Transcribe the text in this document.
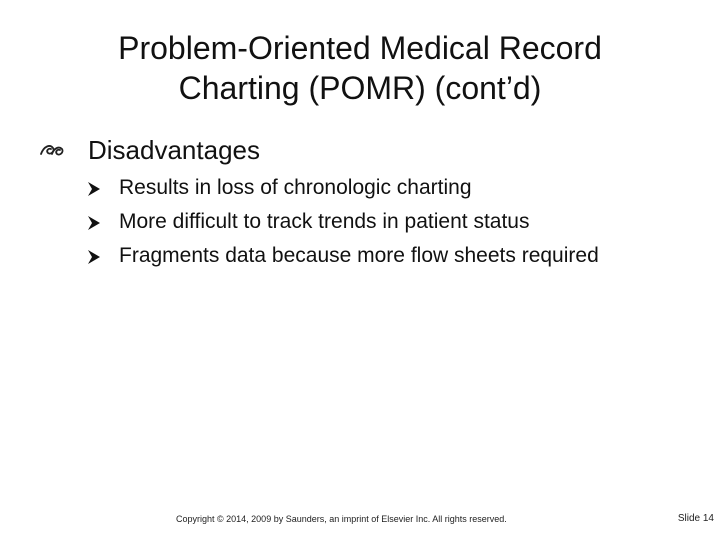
Problem-Oriented Medical Record
Charting (POMR) (cont’d)
Disadvantages
Results in loss of chronologic charting
More difficult to track trends in patient status
Fragments data because more flow sheets required
Copyright © 2014, 2009 by Saunders, an imprint of Elsevier Inc. All rights reserved.	Slide 14
